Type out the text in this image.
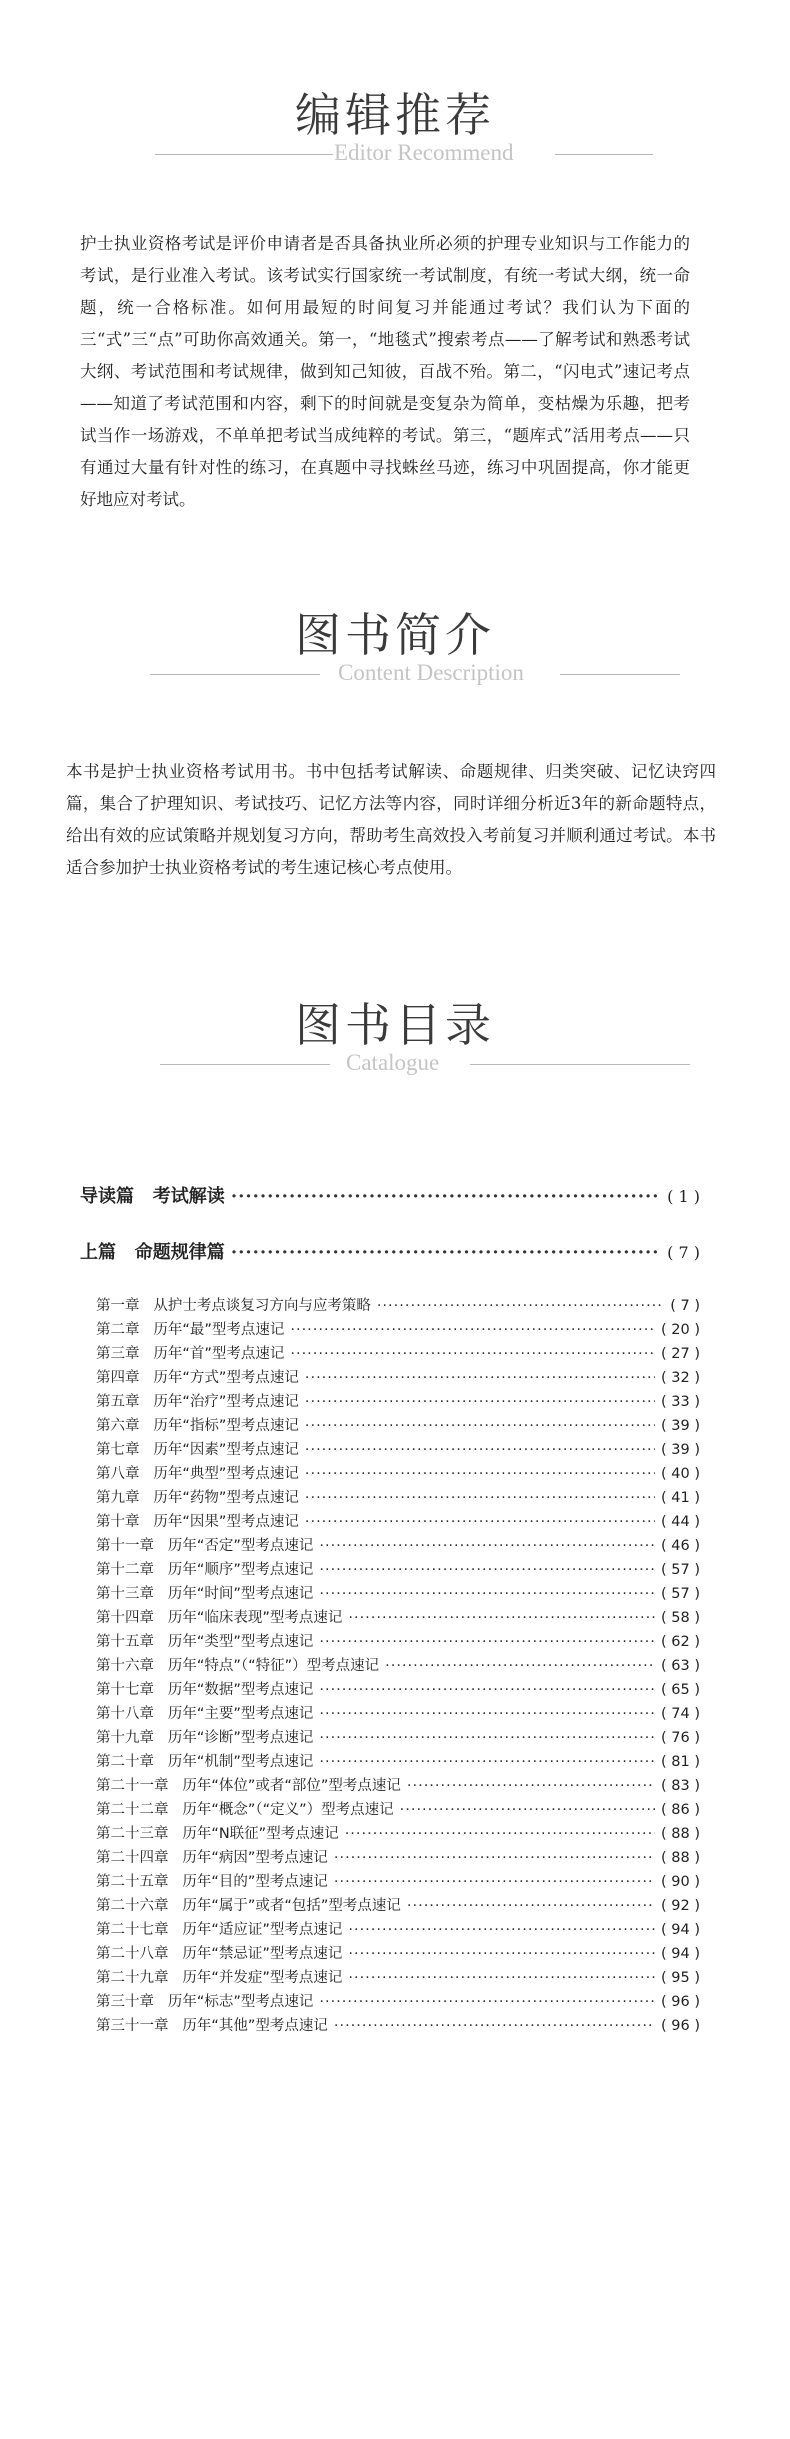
编辑推荐
Editor Recommend
护士执业资格考试是评价申请者是否具备执业所必须的护理专业知识与工作能力的考试，是行业准入考试。该考试实行国家统一考试制度，有统一考试大纲，统一命题，统一合格标准。如何用最短的时间复习并能通过考试？我们认为下面的三“式”三“点”可助你高效通关。第一，“地毯式”搜索考点——了解考试和熟悉考试大纲、考试范围和考试规律，做到知己知彼，百战不殆。第二，“闪电式”速记考点——知道了考试范围和内容，剩下的时间就是变复杂为简单，变枯燥为乐趣，把考试当作一场游戏，不单单把考试当成纯粹的考试。第三，“题库式”活用考点——只有通过大量有针对性的练习，在真题中寻找蛛丝马迹，练习中巩固提高，你才能更好地应对考试。
图书简介
Content Description
本书是护士执业资格考试用书。书中包括考试解读、命题规律、归类突破、记忆诀窍四篇，集合了护理知识、考试技巧、记忆方法等内容，同时详细分析近3年的新命题特点，给出有效的应试策略并规划复习方向，帮助考生高效投入考前复习并顺利通过考试。本书适合参加护士执业资格考试的考生速记核心考点使用。
图书目录
Catalogue
导读篇   考试解读 ·····	( 1 )
上篇   命题规律篇 ·····	( 7 )
第一章   从护士考点谈复习方向与应考策略 ·····	( 7 )
第二章   历年“最”型考点速记 ·····	( 20 )
第三章   历年“首”型考点速记 ·····	( 27 )
第四章   历年“方式”型考点速记 ·····	( 32 )
第五章   历年“治疗”型考点速记 ·····	( 33 )
第六章   历年“指标”型考点速记 ·····	( 39 )
第七章   历年“因素”型考点速记 ·····	( 39 )
第八章   历年“典型”型考点速记 ·····	( 40 )
第九章   历年“药物”型考点速记 ·····	( 41 )
第十章   历年“因果”型考点速记 ·····	( 44 )
第十一章   历年“否定”型考点速记 ·····	( 46 )
第十二章   历年“顺序”型考点速记 ·····	( 57 )
第十三章   历年“时间”型考点速记 ·····	( 57 )
第十四章   历年“临床表现”型考点速记 ·····	( 58 )
第十五章   历年“类型”型考点速记 ·····	( 62 )
第十六章   历年“特点”（“特征”）型考点速记 ·····	( 63 )
第十七章   历年“数据”型考点速记 ·····	( 65 )
第十八章   历年“主要”型考点速记 ·····	( 74 )
第十九章   历年“诊断”型考点速记 ·····	( 76 )
第二十章   历年“机制”型考点速记 ·····	( 81 )
第二十一章   历年“体位”或者“部位”型考点速记 ·····	( 83 )
第二十二章   历年“概念”（“定义”）型考点速记 ·····	( 86 )
第二十三章   历年“N联征”型考点速记 ·····	( 88 )
第二十四章   历年“病因”型考点速记 ·····	( 88 )
第二十五章   历年“目的”型考点速记 ·····	( 90 )
第二十六章   历年“属于”或者“包括”型考点速记 ·····	( 92 )
第二十七章   历年“适应证”型考点速记 ·····	( 94 )
第二十八章   历年“禁忌证”型考点速记 ·····	( 94 )
第二十九章   历年“并发症”型考点速记 ·····	( 95 )
第三十章   历年“标志”型考点速记 ·····	( 96 )
第三十一章   历年“其他”型考点速记 ·····	( 96 )
